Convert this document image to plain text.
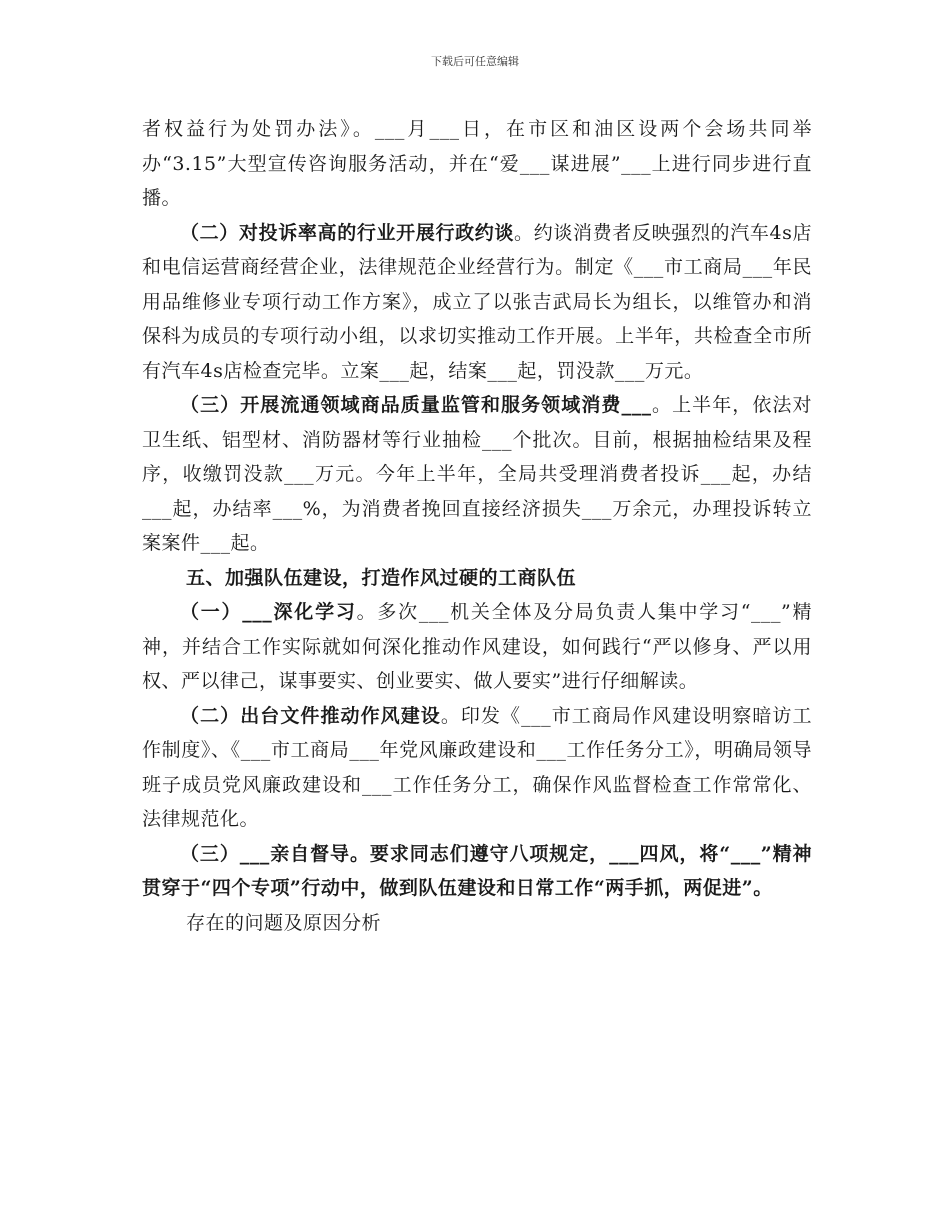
下载后可任意编辑

者权益行为处罚办法》。___月___日，在市区和油区设两个会场共同举办“3.15”大型宣传咨询服务活动，并在“爱___谋进展”___上进行同步进行直播。

（二）对投诉率高的行业开展行政约谈。约谈消费者反映强烈的汽车4s店和电信运营商经营企业，法律规范企业经营行为。制定《___市工商局___年民用品维修业专项行动工作方案》，成立了以张吉武局长为组长，以维管办和消保科为成员的专项行动小组，以求切实推动工作开展。上半年，共检查全市所有汽车4s店检查完毕。立案___起，结案___起，罚没款___万元。

（三）开展流通领域商品质量监管和服务领域消费___。上半年，依法对卫生纸、铝型材、消防器材等行业抽检___个批次。目前，根据抽检结果及程序，收缴罚没款___万元。今年上半年，全局共受理消费者投诉___起，办结___起，办结率___%，为消费者挽回直接经济损失___万余元，办理投诉转立案案件___起。

五、加强队伍建设，打造作风过硬的工商队伍

（一）___深化学习。多次___机关全体及分局负责人集中学习“___”精神，并结合工作实际就如何深化推动作风建设，如何践行“严以修身、严以用权、严以律己，谋事要实、创业要实、做人要实”进行仔细解读。

（二）出台文件推动作风建设。印发《___市工商局作风建设明察暗访工作制度》、《___市工商局___年党风廉政建设和___工作任务分工》，明确局领导班子成员党风廉政建设和___工作任务分工，确保作风监督检查工作常常化、法律规范化。

（三）___亲自督导。要求同志们遵守八项规定，___四风，将“___”精神贯穿于“四个专项”行动中，做到队伍建设和日常工作“两手抓，两促进”。

存在的问题及原因分析
